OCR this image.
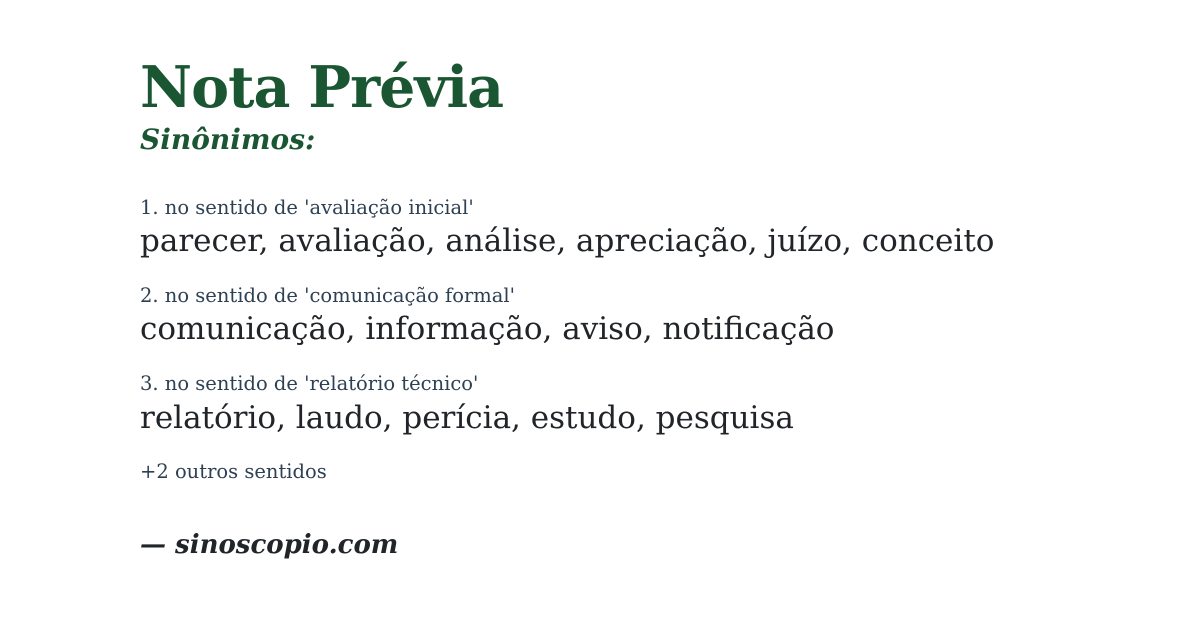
Nota Prévia
Sinônimos:
1. no sentido de 'avaliação inicial'
parecer, avaliação, análise, apreciação, juízo, conceito
2. no sentido de 'comunicação formal'
comunicação, informação, aviso, notificação
3. no sentido de 'relatório técnico'
relatório, laudo, perícia, estudo, pesquisa
+2 outros sentidos
— sinoscopio.com
